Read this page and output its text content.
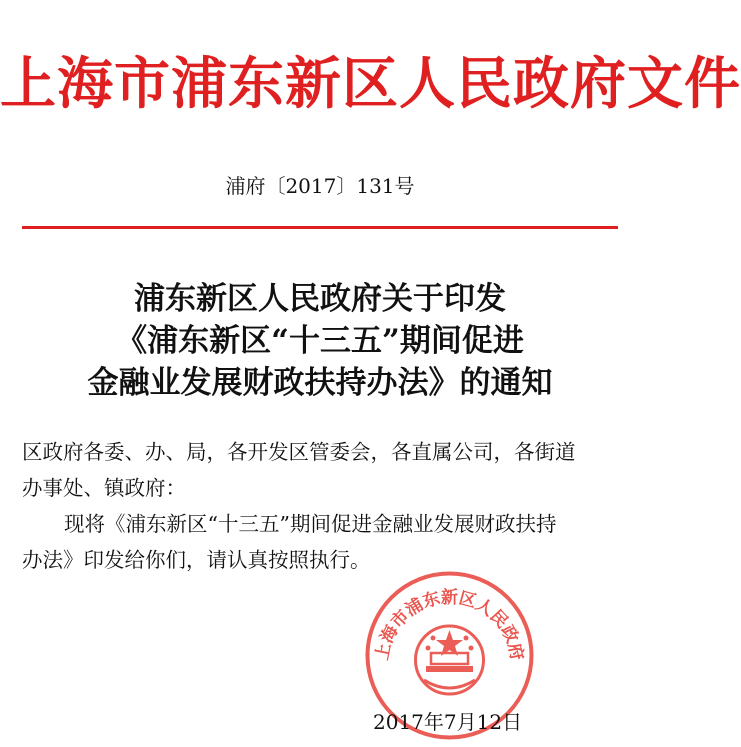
上海市浦东新区人民政府文件
浦府〔2017〕131号
浦东新区人民政府关于印发
《浦东新区“十三五”期间促进
金融业发展财政扶持办法》的通知

区政府各委、办、局，各开发区管委会，各直属公司，各街道

办事处、镇政府：

现将《浦东新区“十三五”期间促进金融业发展财政扶持

办法》印发给你们，请认真按照执行。

上海市浦东新区人民政府
2017年7月12日
